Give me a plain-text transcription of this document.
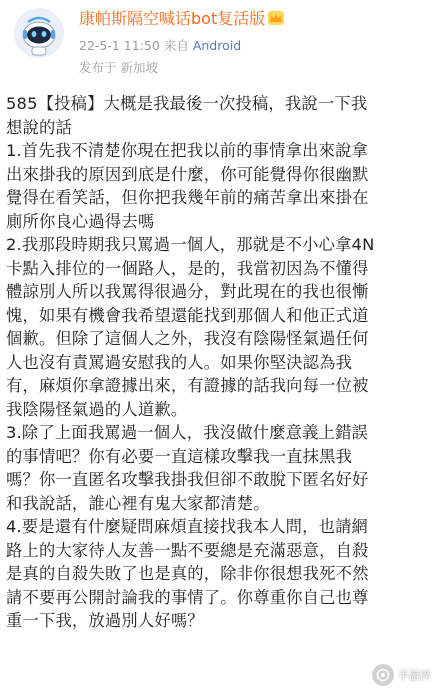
康帕斯隔空喊话bot复活版
22-5-1 11:50 来自 Android
发布于 新加坡
585【投稿】大概是我最後一次投稿，我說一下我
想說的話
1.首先我不清楚你現在把我以前的事情拿出來說拿
出來掛我的原因到底是什麼，你可能覺得你很幽默
覺得在看笑話，但你把我幾年前的痛苦拿出來掛在
廁所你良心過得去嗎
2.我那段時期我只罵過一個人，那就是不小心拿4N
卡點入排位的一個路人，是的，我當初因為不懂得
體諒別人所以我罵得很過分，對此現在的我也很慚
愧，如果有機會我希望還能找到那個人和他正式道
個歉。但除了這個人之外，我沒有陰陽怪氣過任何
人也沒有責罵過安慰我的人。如果你堅決認為我
有，麻煩你拿證據出來，有證據的話我向每一位被
我陰陽怪氣過的人道歉。
3.除了上面我罵過一個人，我沒做什麼意義上錯誤
的事情吧？你有必要一直這樣攻擊我一直抹黑我
嗎？你一直匿名攻擊我掛我但卻不敢脫下匿名好好
和我說話，誰心裡有鬼大家都清楚。
4.要是還有什麼疑問麻煩直接找我本人問，也請網
路上的大家待人友善一點不要總是充滿惡意，自殺
是真的自殺失敗了也是真的，除非你很想我死不然
請不要再公開討論我的事情了。你尊重你自己也尊
重一下我，放過別人好嗎？
手游淬
